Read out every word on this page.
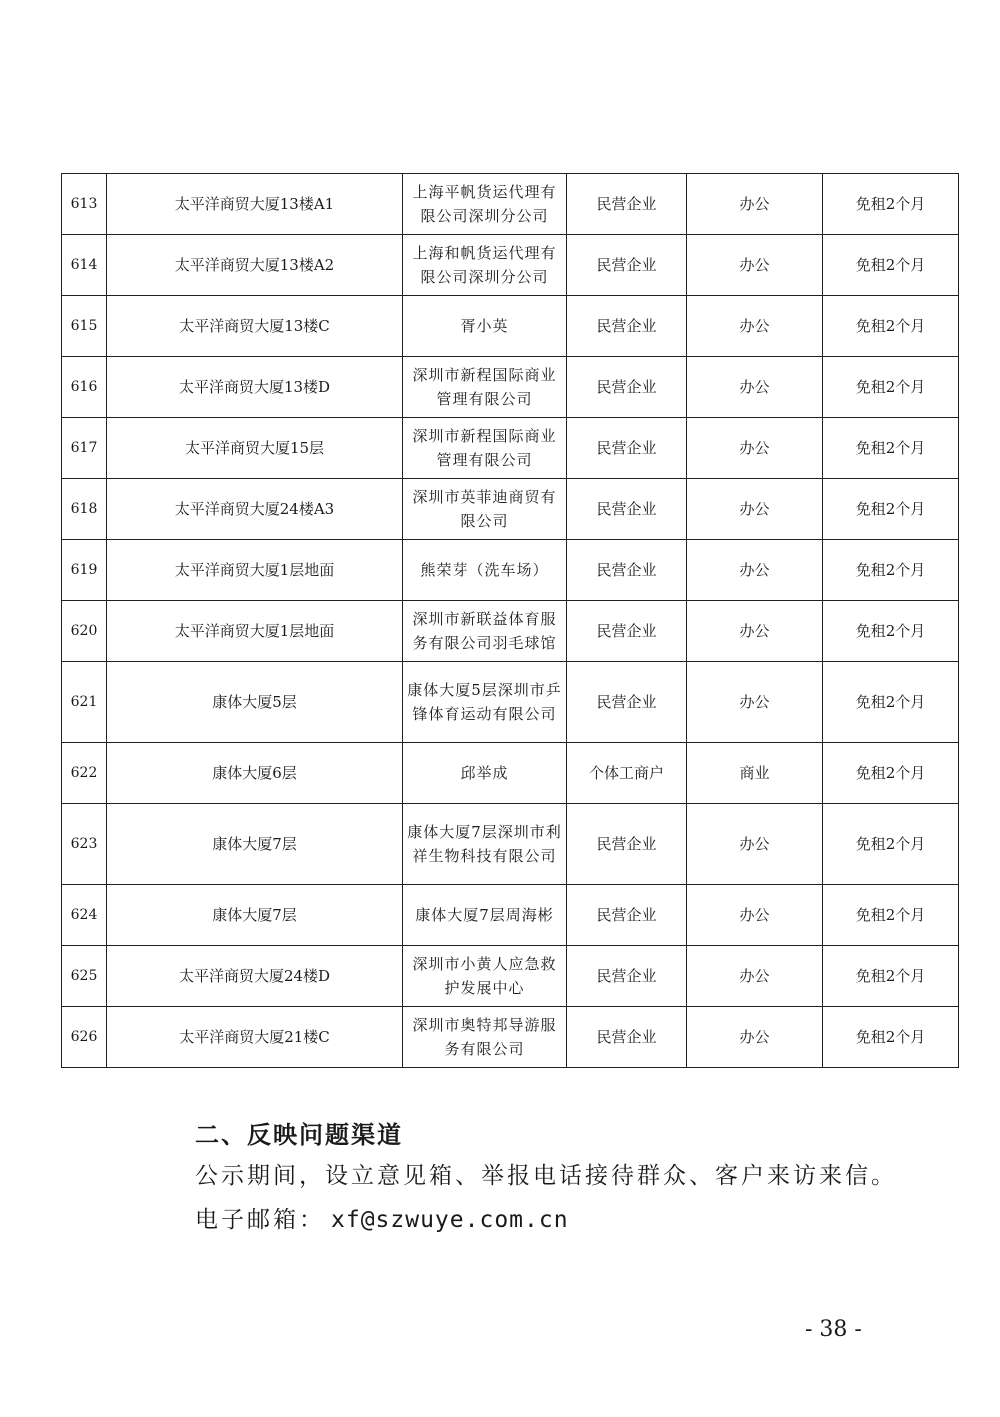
613	太平洋商贸大厦13楼A1	上海平帆货运代理有限公司深圳分公司	民营企业	办公	免租2个月
614	太平洋商贸大厦13楼A2	上海和帆货运代理有限公司深圳分公司	民营企业	办公	免租2个月
615	太平洋商贸大厦13楼C	胥小英	民营企业	办公	免租2个月
616	太平洋商贸大厦13楼D	深圳市新程国际商业管理有限公司	民营企业	办公	免租2个月
617	太平洋商贸大厦15层	深圳市新程国际商业管理有限公司	民营企业	办公	免租2个月
618	太平洋商贸大厦24楼A3	深圳市英菲迪商贸有限公司	民营企业	办公	免租2个月
619	太平洋商贸大厦1层地面	熊荣芽（洗车场）	民营企业	办公	免租2个月
620	太平洋商贸大厦1层地面	深圳市新联益体育服务有限公司羽毛球馆	民营企业	办公	免租2个月
621	康体大厦5层	康体大厦5层深圳市乒锋体育运动有限公司	民营企业	办公	免租2个月
622	康体大厦6层	邱举成	个体工商户	商业	免租2个月
623	康体大厦7层	康体大厦7层深圳市利祥生物科技有限公司	民营企业	办公	免租2个月
624	康体大厦7层	康体大厦7层周海彬	民营企业	办公	免租2个月
625	太平洋商贸大厦24楼D	深圳市小黄人应急救护发展中心	民营企业	办公	免租2个月
626	太平洋商贸大厦21楼C	深圳市奥特邦导游服务有限公司	民营企业	办公	免租2个月
二、反映问题渠道
公示期间，设立意见箱、举报电话接待群众、客户来访来信。
电子邮箱： xf@szwuye.com.cn
- 38 -
